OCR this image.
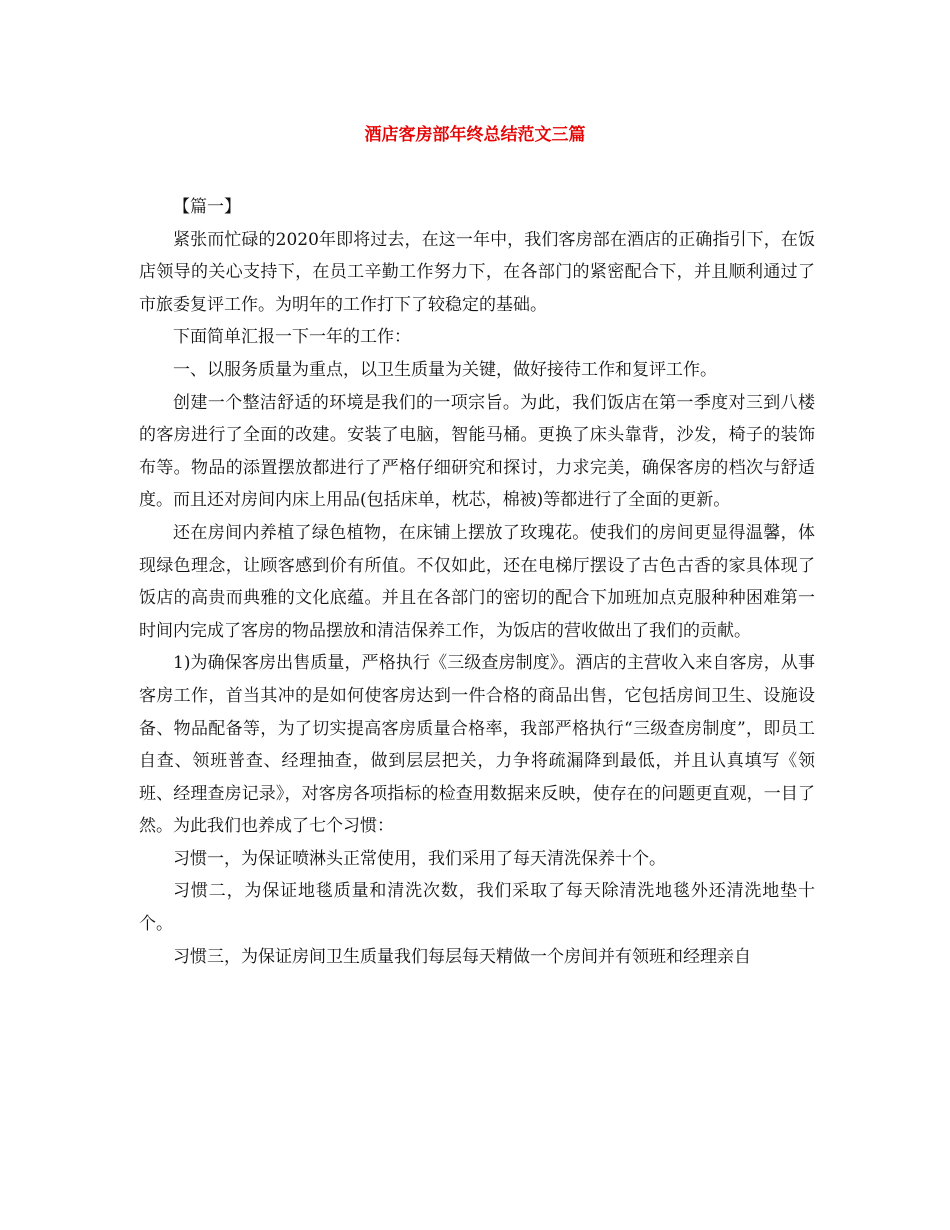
酒店客房部年终总结范文三篇

【篇一】

紧张而忙碌的2020年即将过去，在这一年中，我们客房部在酒店的正确指引下，在饭店领导的关心支持下，在员工辛勤工作努力下，在各部门的紧密配合下，并且顺利通过了市旅委复评工作。为明年的工作打下了较稳定的基础。

下面简单汇报一下一年的工作：

一、以服务质量为重点，以卫生质量为关键，做好接待工作和复评工作。

创建一个整洁舒适的环境是我们的一项宗旨。为此，我们饭店在第一季度对三到八楼的客房进行了全面的改建。安装了电脑，智能马桶。更换了床头靠背，沙发，椅子的装饰布等。物品的添置摆放都进行了严格仔细研究和探讨，力求完美，确保客房的档次与舒适度。而且还对房间内床上用品(包括床单，枕芯，棉被)等都进行了全面的更新。

还在房间内养植了绿色植物，在床铺上摆放了玫瑰花。使我们的房间更显得温馨，体现绿色理念，让顾客感到价有所值。不仅如此，还在电梯厅摆设了古色古香的家具体现了饭店的高贵而典雅的文化底蕴。并且在各部门的密切的配合下加班加点克服种种困难第一时间内完成了客房的物品摆放和清洁保养工作，为饭店的营收做出了我们的贡献。

1)为确保客房出售质量，严格执行《三级查房制度》。酒店的主营收入来自客房，从事客房工作，首当其冲的是如何使客房达到一件合格的商品出售，它包括房间卫生、设施设备、物品配备等，为了切实提高客房质量合格率，我部严格执行“三级查房制度”，即员工自查、领班普查、经理抽查，做到层层把关，力争将疏漏降到最低，并且认真填写《领班、经理查房记录》，对客房各项指标的检查用数据来反映，使存在的问题更直观，一目了然。为此我们也养成了七个习惯：

习惯一，为保证喷淋头正常使用，我们采用了每天清洗保养十个。

习惯二，为保证地毯质量和清洗次数，我们采取了每天除清洗地毯外还清洗地垫十个。

习惯三，为保证房间卫生质量我们每层每天精做一个房间并有领班和经理亲自
